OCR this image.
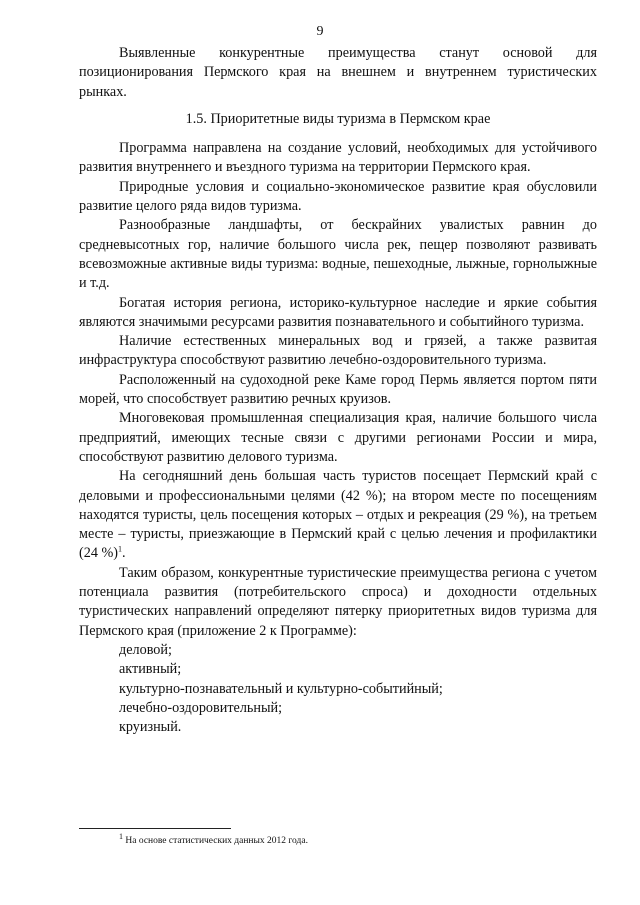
9

Выявленные конкурентные преимущества станут основой для позиционирования Пермского края на внешнем и внутреннем туристических рынках.

1.5. Приоритетные виды туризма в Пермском крае

Программа направлена на создание условий, необходимых для устойчивого развития внутреннего и въездного туризма на территории Пермского края.

Природные условия и социально-экономическое развитие края обусловили развитие целого ряда видов туризма.

Разнообразные ландшафты, от бескрайних увалистых равнин до средневысотных гор, наличие большого числа рек, пещер позволяют развивать всевозможные активные виды туризма: водные, пешеходные, лыжные, горнолыжные и т.д.

Богатая история региона, историко-культурное наследие и яркие события являются значимыми ресурсами развития познавательного и событийного туризма.

Наличие естественных минеральных вод и грязей, а также развитая инфраструктура способствуют развитию лечебно-оздоровительного туризма.

Расположенный на судоходной реке Каме город Пермь является портом пяти морей, что способствует развитию речных круизов.

Многовековая промышленная специализация края, наличие большого числа предприятий, имеющих тесные связи с другими регионами России и мира, способствуют развитию делового туризма.

На сегодняшний день большая часть туристов посещает Пермский край с деловыми и профессиональными целями (42 %); на втором месте по посещениям находятся туристы, цель посещения которых – отдых и рекреация (29 %), на третьем месте – туристы, приезжающие в Пермский край с целью лечения и профилактики (24 %)$^1$.

Таким образом, конкурентные туристические преимущества региона с учетом потенциала развития (потребительского спроса) и доходности отдельных туристических направлений определяют пятерку приоритетных видов туризма для Пермского края (приложение 2 к Программе):

деловой;
активный;
культурно-познавательный и культурно-событийный;
лечебно-оздоровительный;
круизный.
$^1$ На основе статистических данных 2012 года.
